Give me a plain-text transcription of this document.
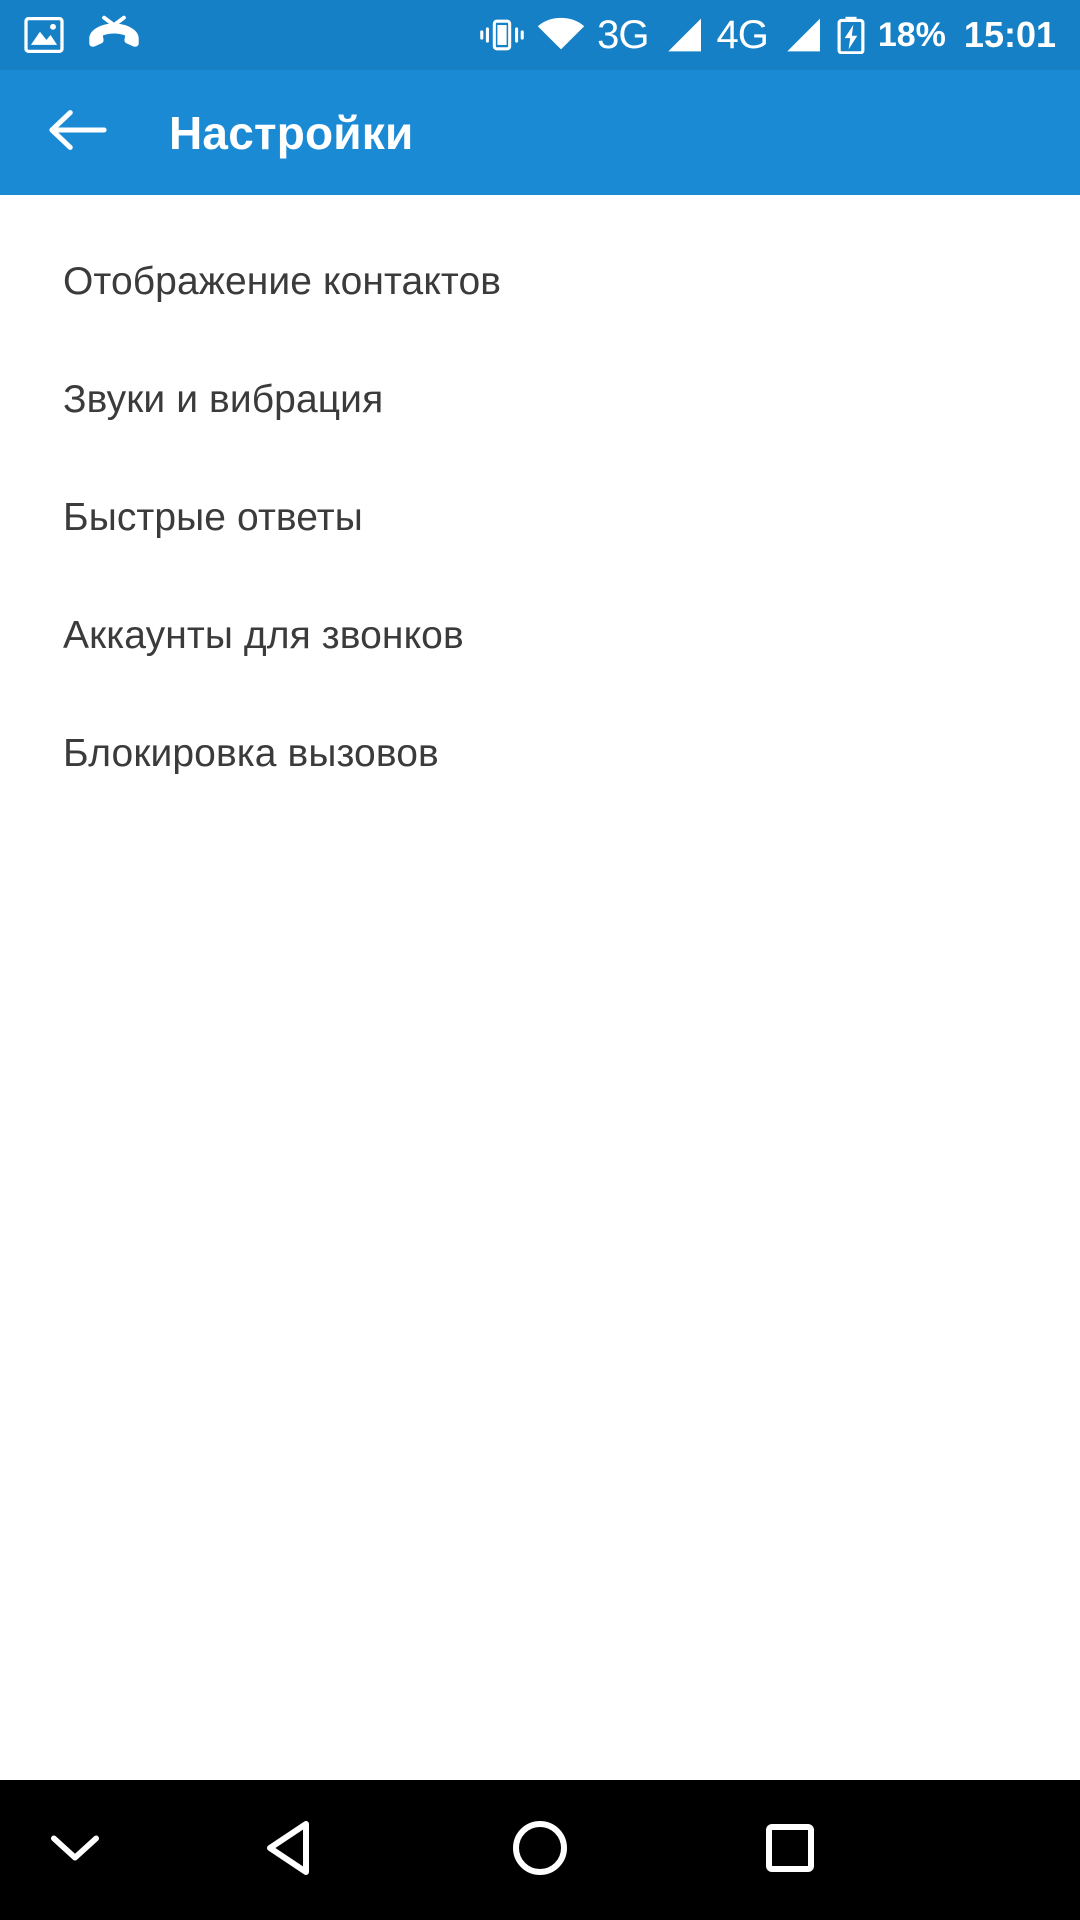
3G 4G	18% 15:01
Настройки
Отображение контактов
Звуки и вибрация
Быстрые ответы
Аккаунты для звонков
Блокировка вызовов
